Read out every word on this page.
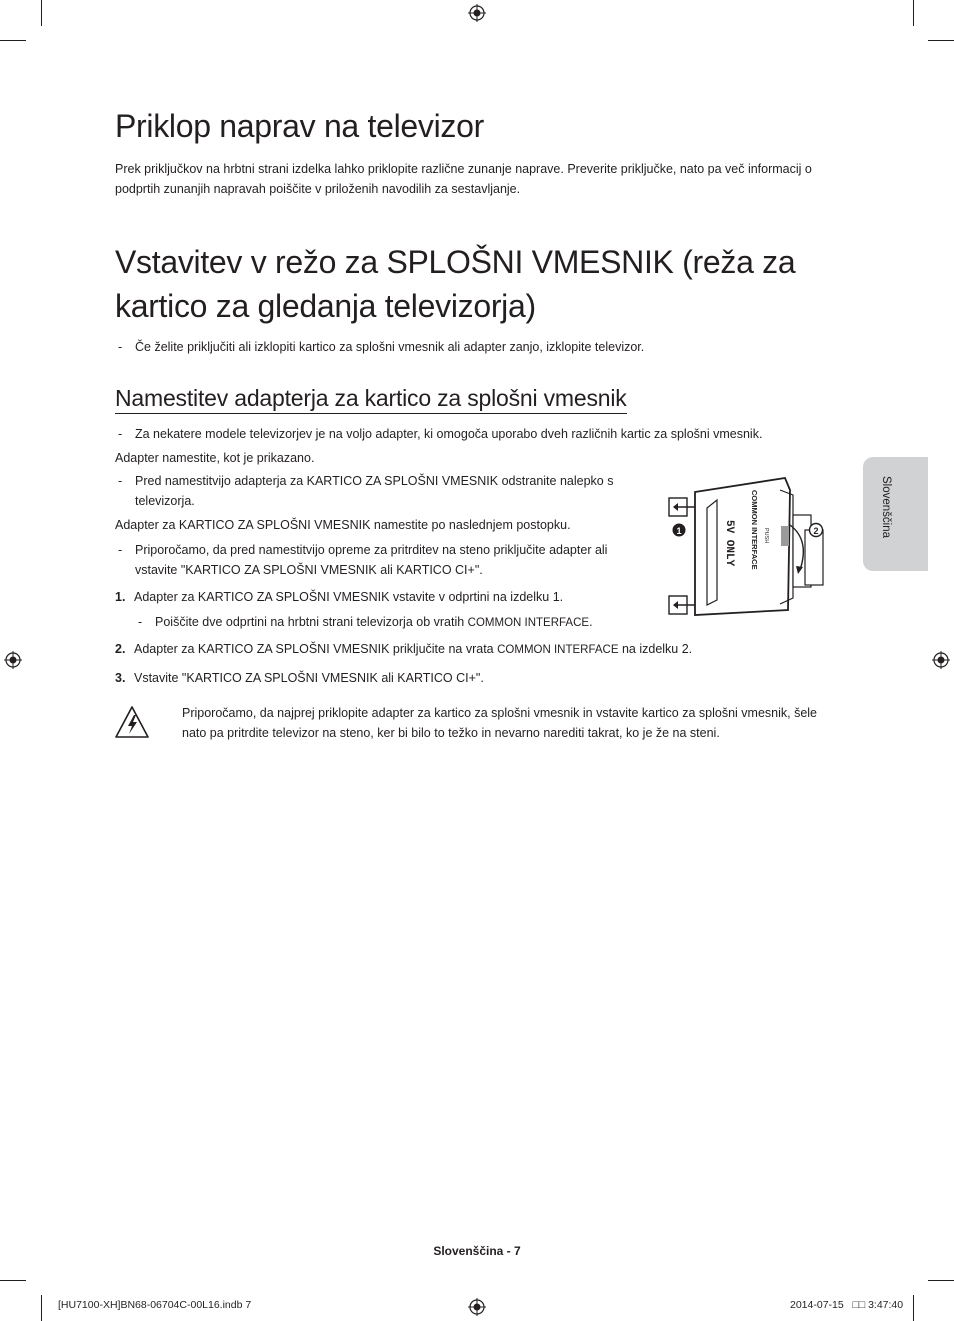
Slovenščina
Priklop naprav na televizor
Prek priključkov na hrbtni strani izdelka lahko priklopite različne zunanje naprave. Preverite priključke, nato pa več informacij o podprtih zunanjih napravah poiščite v priloženih navodilih za sestavljanje.
Vstavitev v režo za SPLOŠNI VMESNIK (reža za kartico za gledanja televizorja)
- Če želite priključiti ali izklopiti kartico za splošni vmesnik ali adapter zanjo, izklopite televizor.
Namestitev adapterja za kartico za splošni vmesnik
- Za nekatere modele televizorjev je na voljo adapter, ki omogoča uporabo dveh različnih kartic za splošni vmesnik.
Adapter namestite, kot je prikazano.
- Pred namestitvijo adapterja za KARTICO ZA SPLOŠNI VMESNIK odstranite nalepko s televizorja.
Adapter za KARTICO ZA SPLOŠNI VMESNIK namestite po naslednjem postopku.
- Priporočamo, da pred namestitvijo opreme za pritrditev na steno priključite adapter ali vstavite "KARTICO ZA SPLOŠNI VMESNIK ali KARTICO CI+".
1. Adapter za KARTICO ZA SPLOŠNI VMESNIK vstavite v odprtini na izdelku 1.
- Poiščite dve odprtini na hrbtni strani televizorja ob vratih COMMON INTERFACE.
2. Adapter za KARTICO ZA SPLOŠNI VMESNIK priključite na vrata COMMON INTERFACE na izdelku 2.
3. Vstavite "KARTICO ZA SPLOŠNI VMESNIK ali KARTICO CI+".
Priporočamo, da najprej priklopite adapter za kartico za splošni vmesnik in vstavite kartico za splošni vmesnik, šele nato pa pritrdite televizor na steno, ker bi bilo to težko in nevarno narediti takrat, ko je že na steni.
1	2
COMMON INTERFACE PUSH
5V ONLY
Slovenščina - 7
[HU7100-XH]BN68-06704C-00L16.indb 7	2014-07-15   □□ 3:47:40
